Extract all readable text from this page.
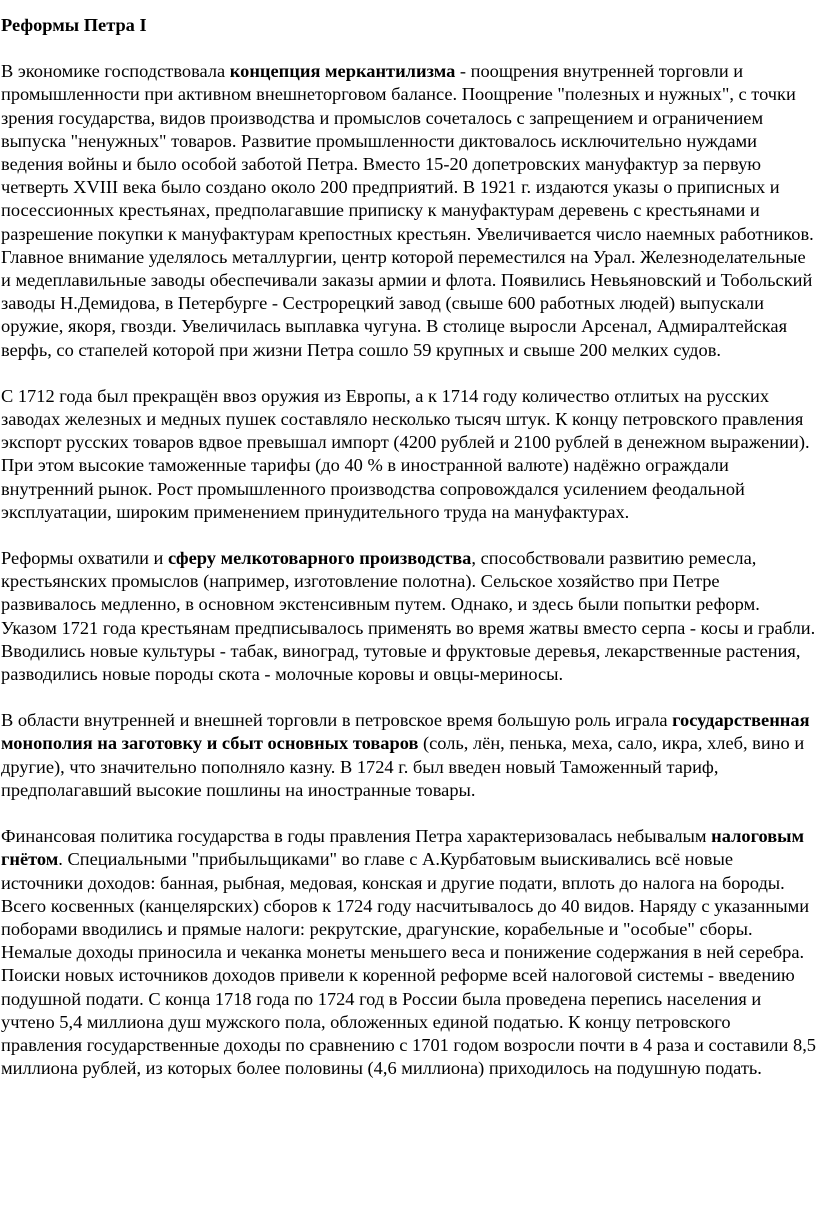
Реформы Петра I

В экономике господствовала концепция меркантилизма - поощрения внутренней торговли и промышленности при активном внешнеторговом балансе. Поощрение "полезных и нужных", с точки зрения государства, видов производства и промыслов сочеталось с запрещением и ограничением выпуска "ненужных" товаров. Развитие промышленности диктовалось исключительно нуждами ведения войны и было особой заботой Петра. Вместо 15-20 допетровских мануфактур за первую четверть XVIII века было создано около 200 предприятий. В 1921 г. издаются указы о приписных и посессионных крестьянах, предполагавшие приписку к мануфактурам деревень с крестьянами и разрешение покупки к мануфактурам крепостных крестьян. Увеличивается число наемных работников. Главное внимание уделялось металлургии, центр которой переместился на Урал. Железноделательные и медеплавильные заводы обеспечивали заказы армии и флота. Появились Невьяновский и Тобольский заводы Н.Демидова, в Петербурге - Сестрорецкий завод (свыше 600 работных людей) выпускали оружие, якоря, гвозди. Увеличилась выплавка чугуна. В столице выросли Арсенал, Адмиралтейская верфь, со стапелей которой при жизни Петра сошло 59 крупных и свыше 200 мелких судов.

С 1712 года был прекращён ввоз оружия из Европы, а к 1714 году количество отлитых на русских заводах железных и медных пушек составляло несколько тысяч штук. К концу петровского правления экспорт русских товаров вдвое превышал импорт (4200 рублей и 2100 рублей в денежном выражении). При этом высокие таможенные тарифы (до 40 % в иностранной валюте) надёжно ограждали внутренний рынок. Рост промышленного производства сопровождался усилением феодальной эксплуатации, широким применением принудительного труда на мануфактурах.

Реформы охватили и сферу мелкотоварного производства, способствовали развитию ремесла, крестьянских промыслов (например, изготовление полотна). Сельское хозяйство при Петре развивалось медленно, в основном экстенсивным путем. Однако, и здесь были попытки реформ. Указом 1721 года крестьянам предписывалось применять во время жатвы вместо серпа - косы и грабли. Вводились новые культуры - табак, виноград, тутовые и фруктовые деревья, лекарственные растения, разводились новые породы скота - молочные коровы и овцы-мериносы.

В области внутренней и внешней торговли в петровское время большую роль играла государственная монополия на заготовку и сбыт основных товаров (соль, лён, пенька, меха, сало, икра, хлеб, вино и другие), что значительно пополняло казну. В 1724 г. был введен новый Таможенный тариф, предполагавший высокие пошлины на иностранные товары.

Финансовая политика государства в годы правления Петра характеризовалась небывалым налоговым гнётом. Специальными "прибыльщиками" во главе с А.Курбатовым выискивались всё новые источники доходов: банная, рыбная, медовая, конская и другие подати, вплоть до налога на бороды. Всего косвенных (канцелярских) сборов к 1724 году насчитывалось до 40 видов. Наряду с указанными поборами вводились и прямые налоги: рекрутские, драгунские, корабельные и "особые" сборы. Немалые доходы приносила и чеканка монеты меньшего веса и понижение содержания в ней серебра. Поиски новых источников доходов привели к коренной реформе всей налоговой системы - введению подушной подати. С конца 1718 года по 1724 год в России была проведена перепись населения и учтено 5,4 миллиона душ мужского пола, обложенных единой податью. К концу петровского правления государственные доходы по сравнению с 1701 годом возросли почти в 4 раза и составили 8,5 миллиона рублей, из которых более половины (4,6 миллиона) приходилось на подушную подать.
